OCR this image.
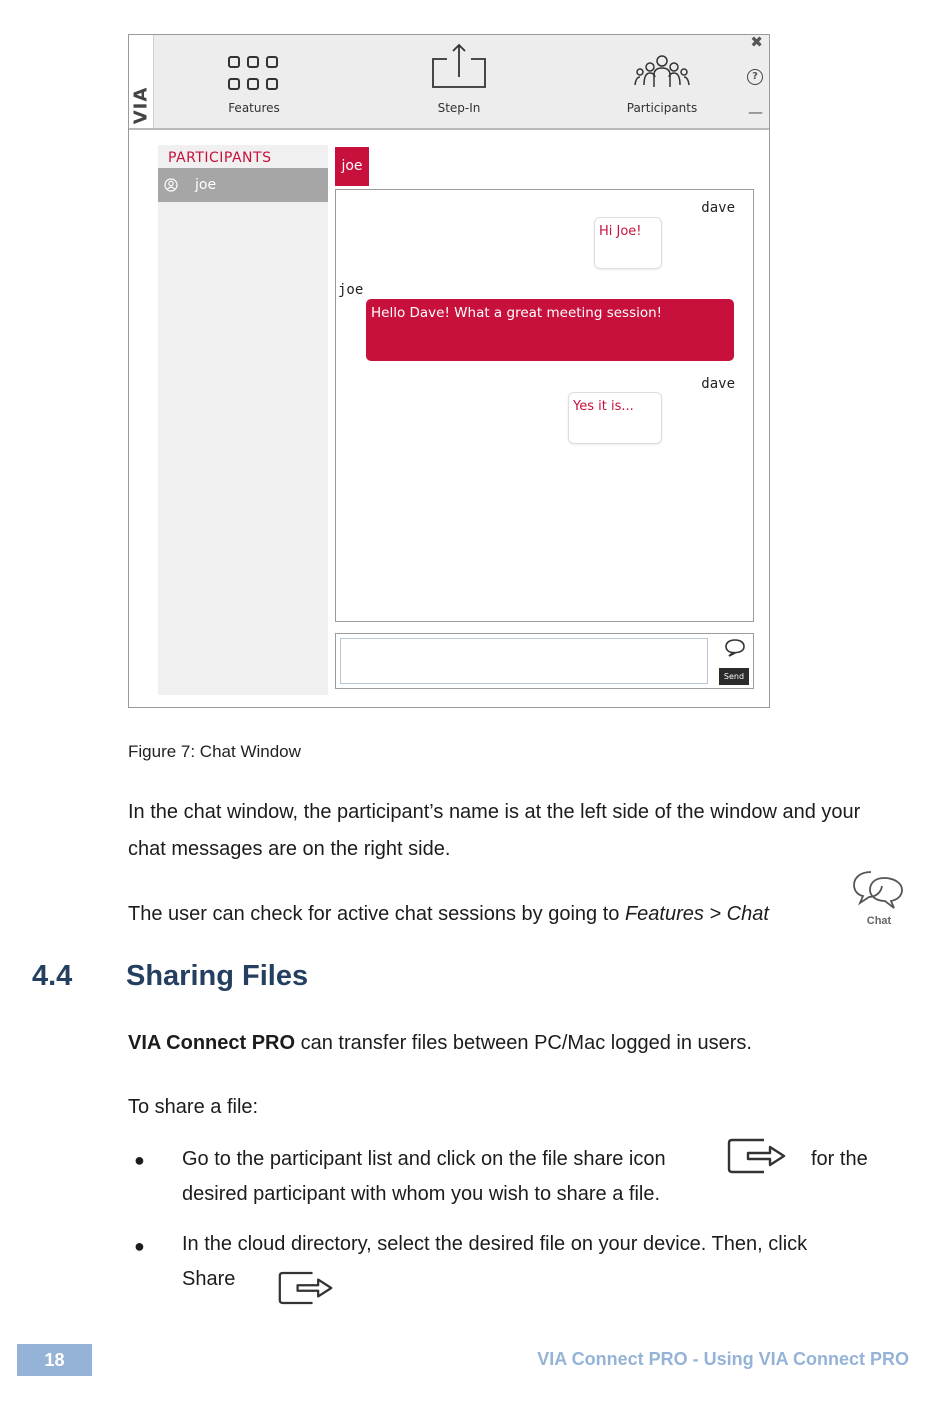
VIA	Features	Step-In	Participants
✖
?
—
PARTICIPANTS
joe
joe
dave
Hi Joe!
joe
Hello Dave! What a great meeting session!
dave
Yes it is...
Send
Figure 7: Chat Window
In the chat window, the participant’s name is at the left side of the window and your chat messages are on the right side.
The user can check for active chat sessions by going to Features > Chat	Chat
4.4 Sharing Files
VIA Connect PRO can transfer files between PC/Mac logged in users.
To share a file:
● Go to the participant list and click on the file share icon	for the
desired participant with whom you wish to share a file.
● In the cloud directory, select the desired file on your device. Then, click
Share
18	VIA Connect PRO - Using VIA Connect PRO
